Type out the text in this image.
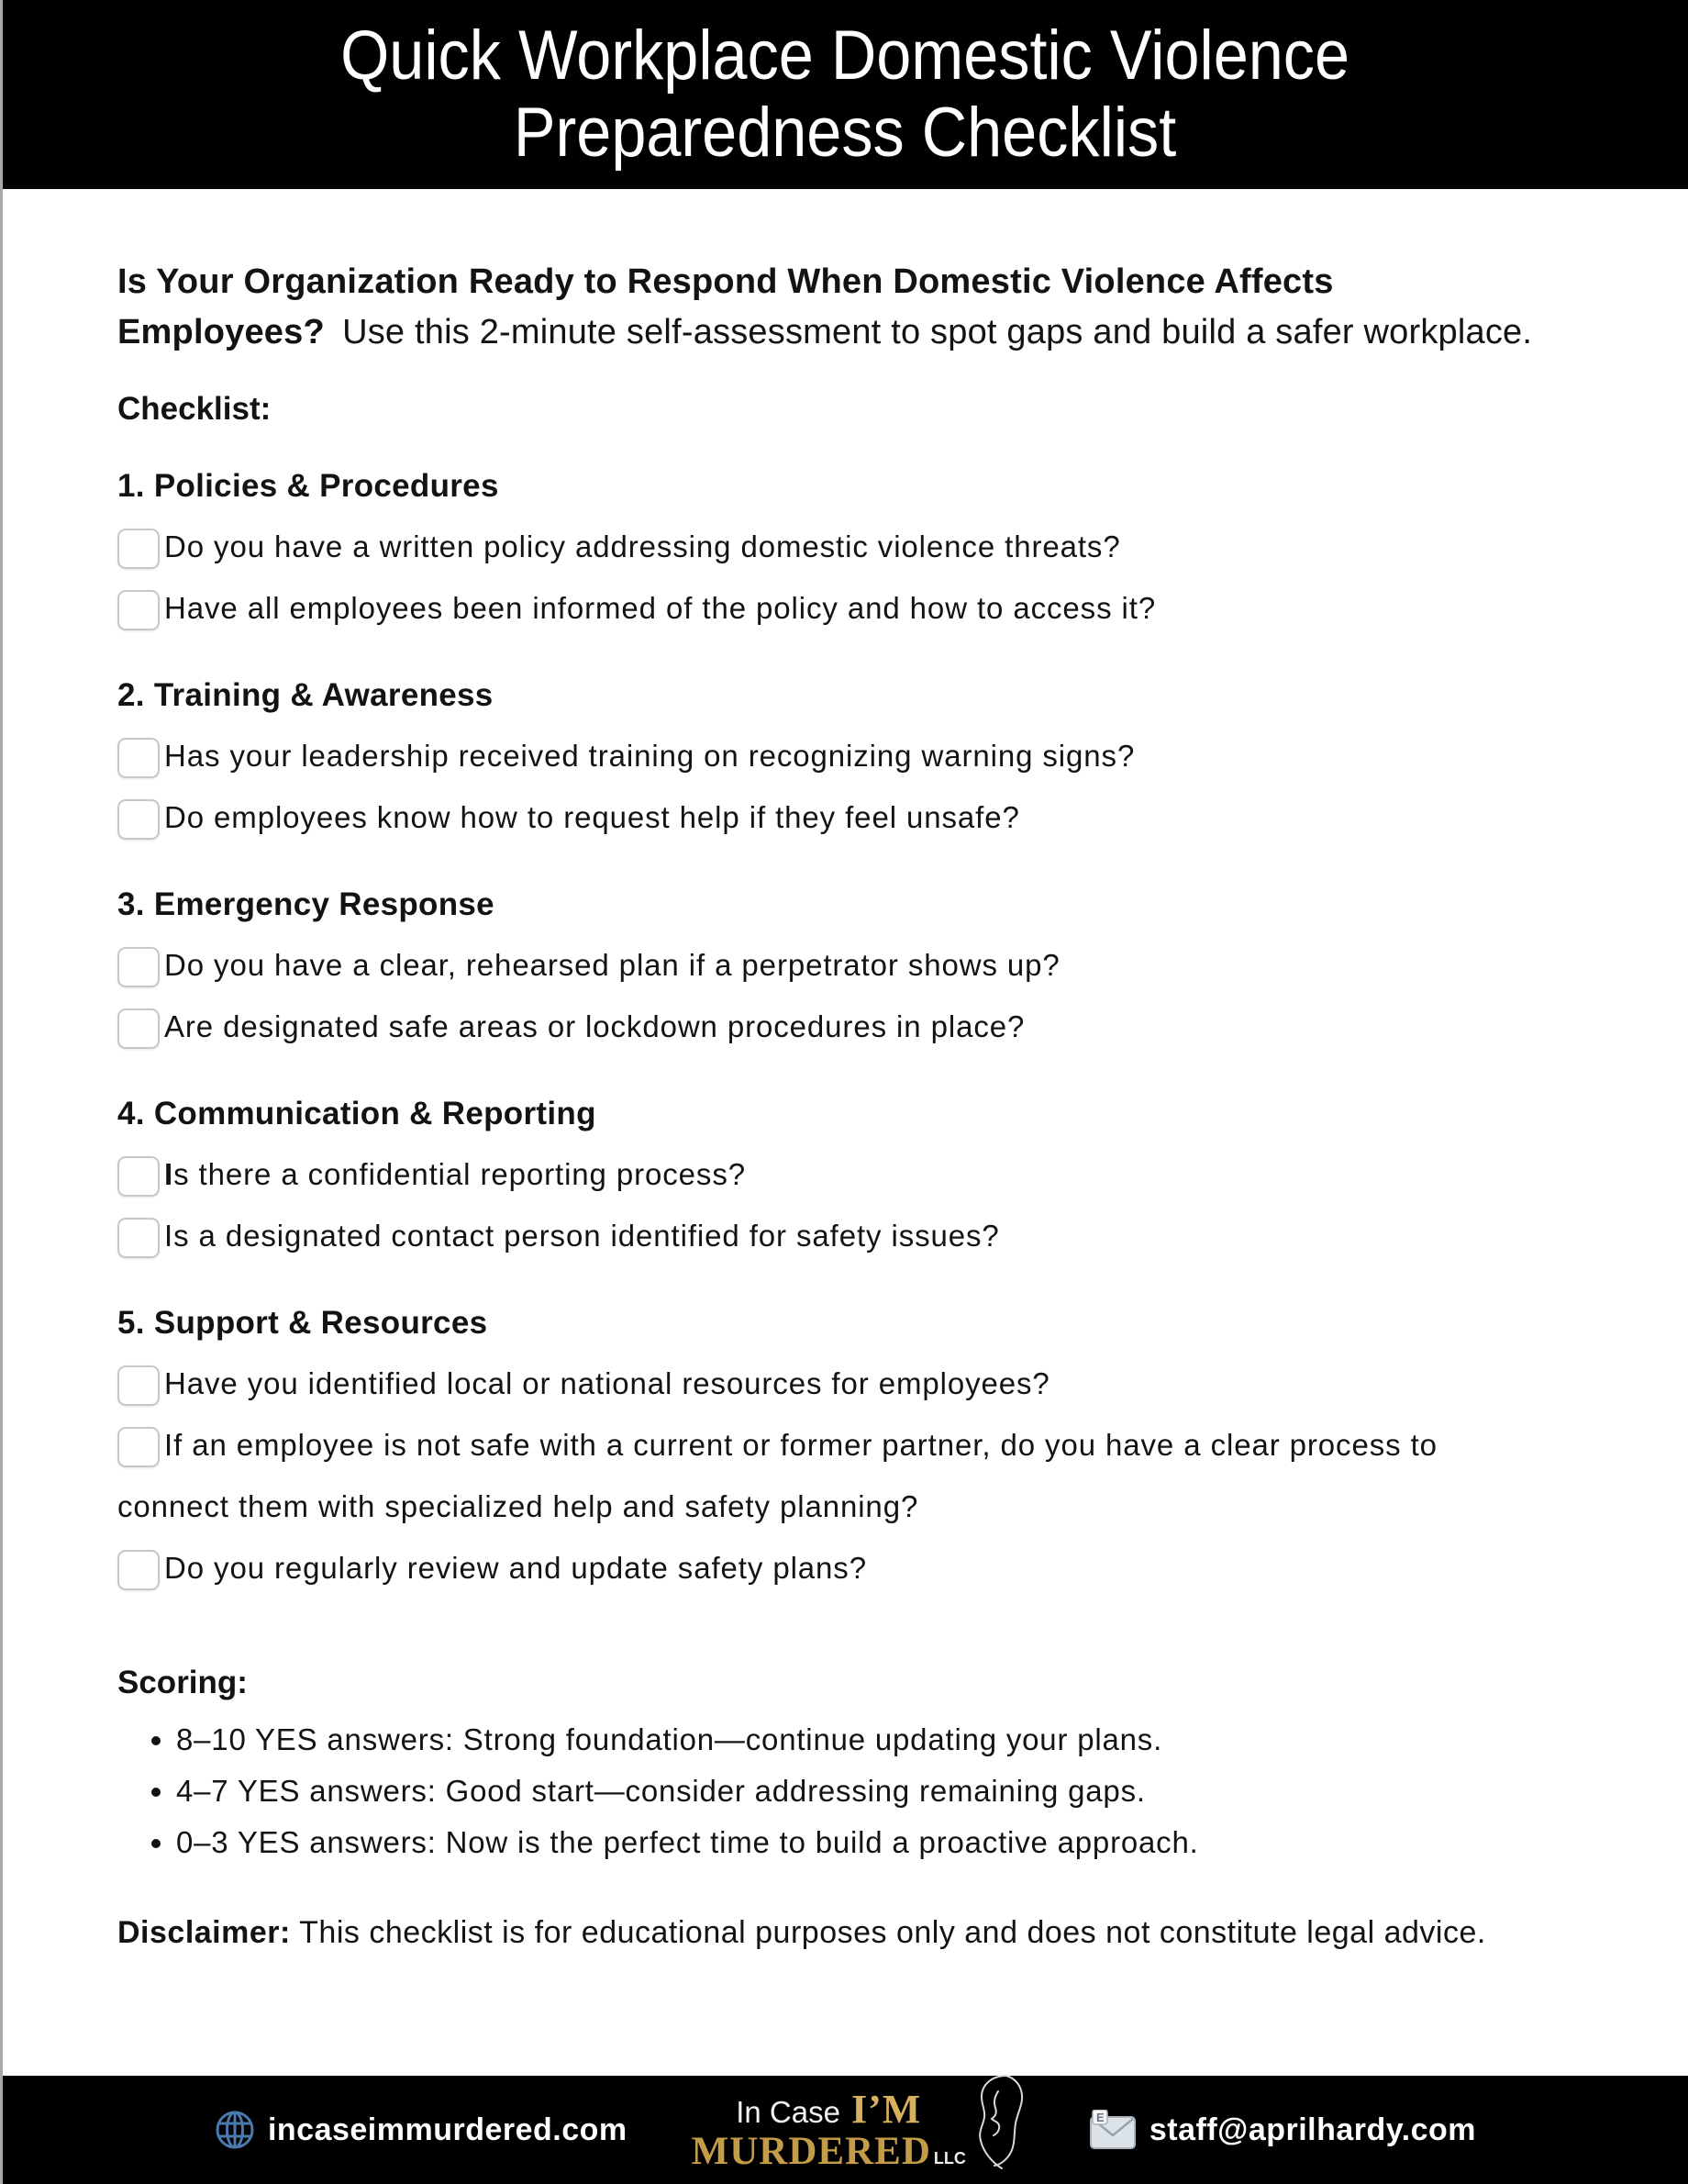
Quick Workplace Domestic Violence
Preparedness Checklist

Is Your Organization Ready to Respond When Domestic Violence Affects Employees? Use this 2-minute self-assessment to spot gaps and build a safer workplace.

Checklist:
1. Policies & Procedures
Do you have a written policy addressing domestic violence threats?
Have all employees been informed of the policy and how to access it?
2. Training & Awareness
Has your leadership received training on recognizing warning signs?
Do employees know how to request help if they feel unsafe?
3. Emergency Response
Do you have a clear, rehearsed plan if a perpetrator shows up?
Are designated safe areas or lockdown procedures in place?
4. Communication & Reporting
Is there a confidential reporting process?
Is a designated contact person identified for safety issues?
5. Support & Resources
Have you identified local or national resources for employees?
If an employee is not safe with a current or former partner, do you have a clear process to connect them with specialized help and safety planning?
Do you regularly review and update safety plans?
Scoring:
• 8–10 YES answers: Strong foundation—continue updating your plans.
• 4–7 YES answers: Good start—consider addressing remaining gaps.
• 0–3 YES answers: Now is the perfect time to build a proactive approach.

Disclaimer: This checklist is for educational purposes only and does not constitute legal advice.

incaseimmurdered.com	In Case I’M
MURDERED LLC
E staff@aprilhardy.com
